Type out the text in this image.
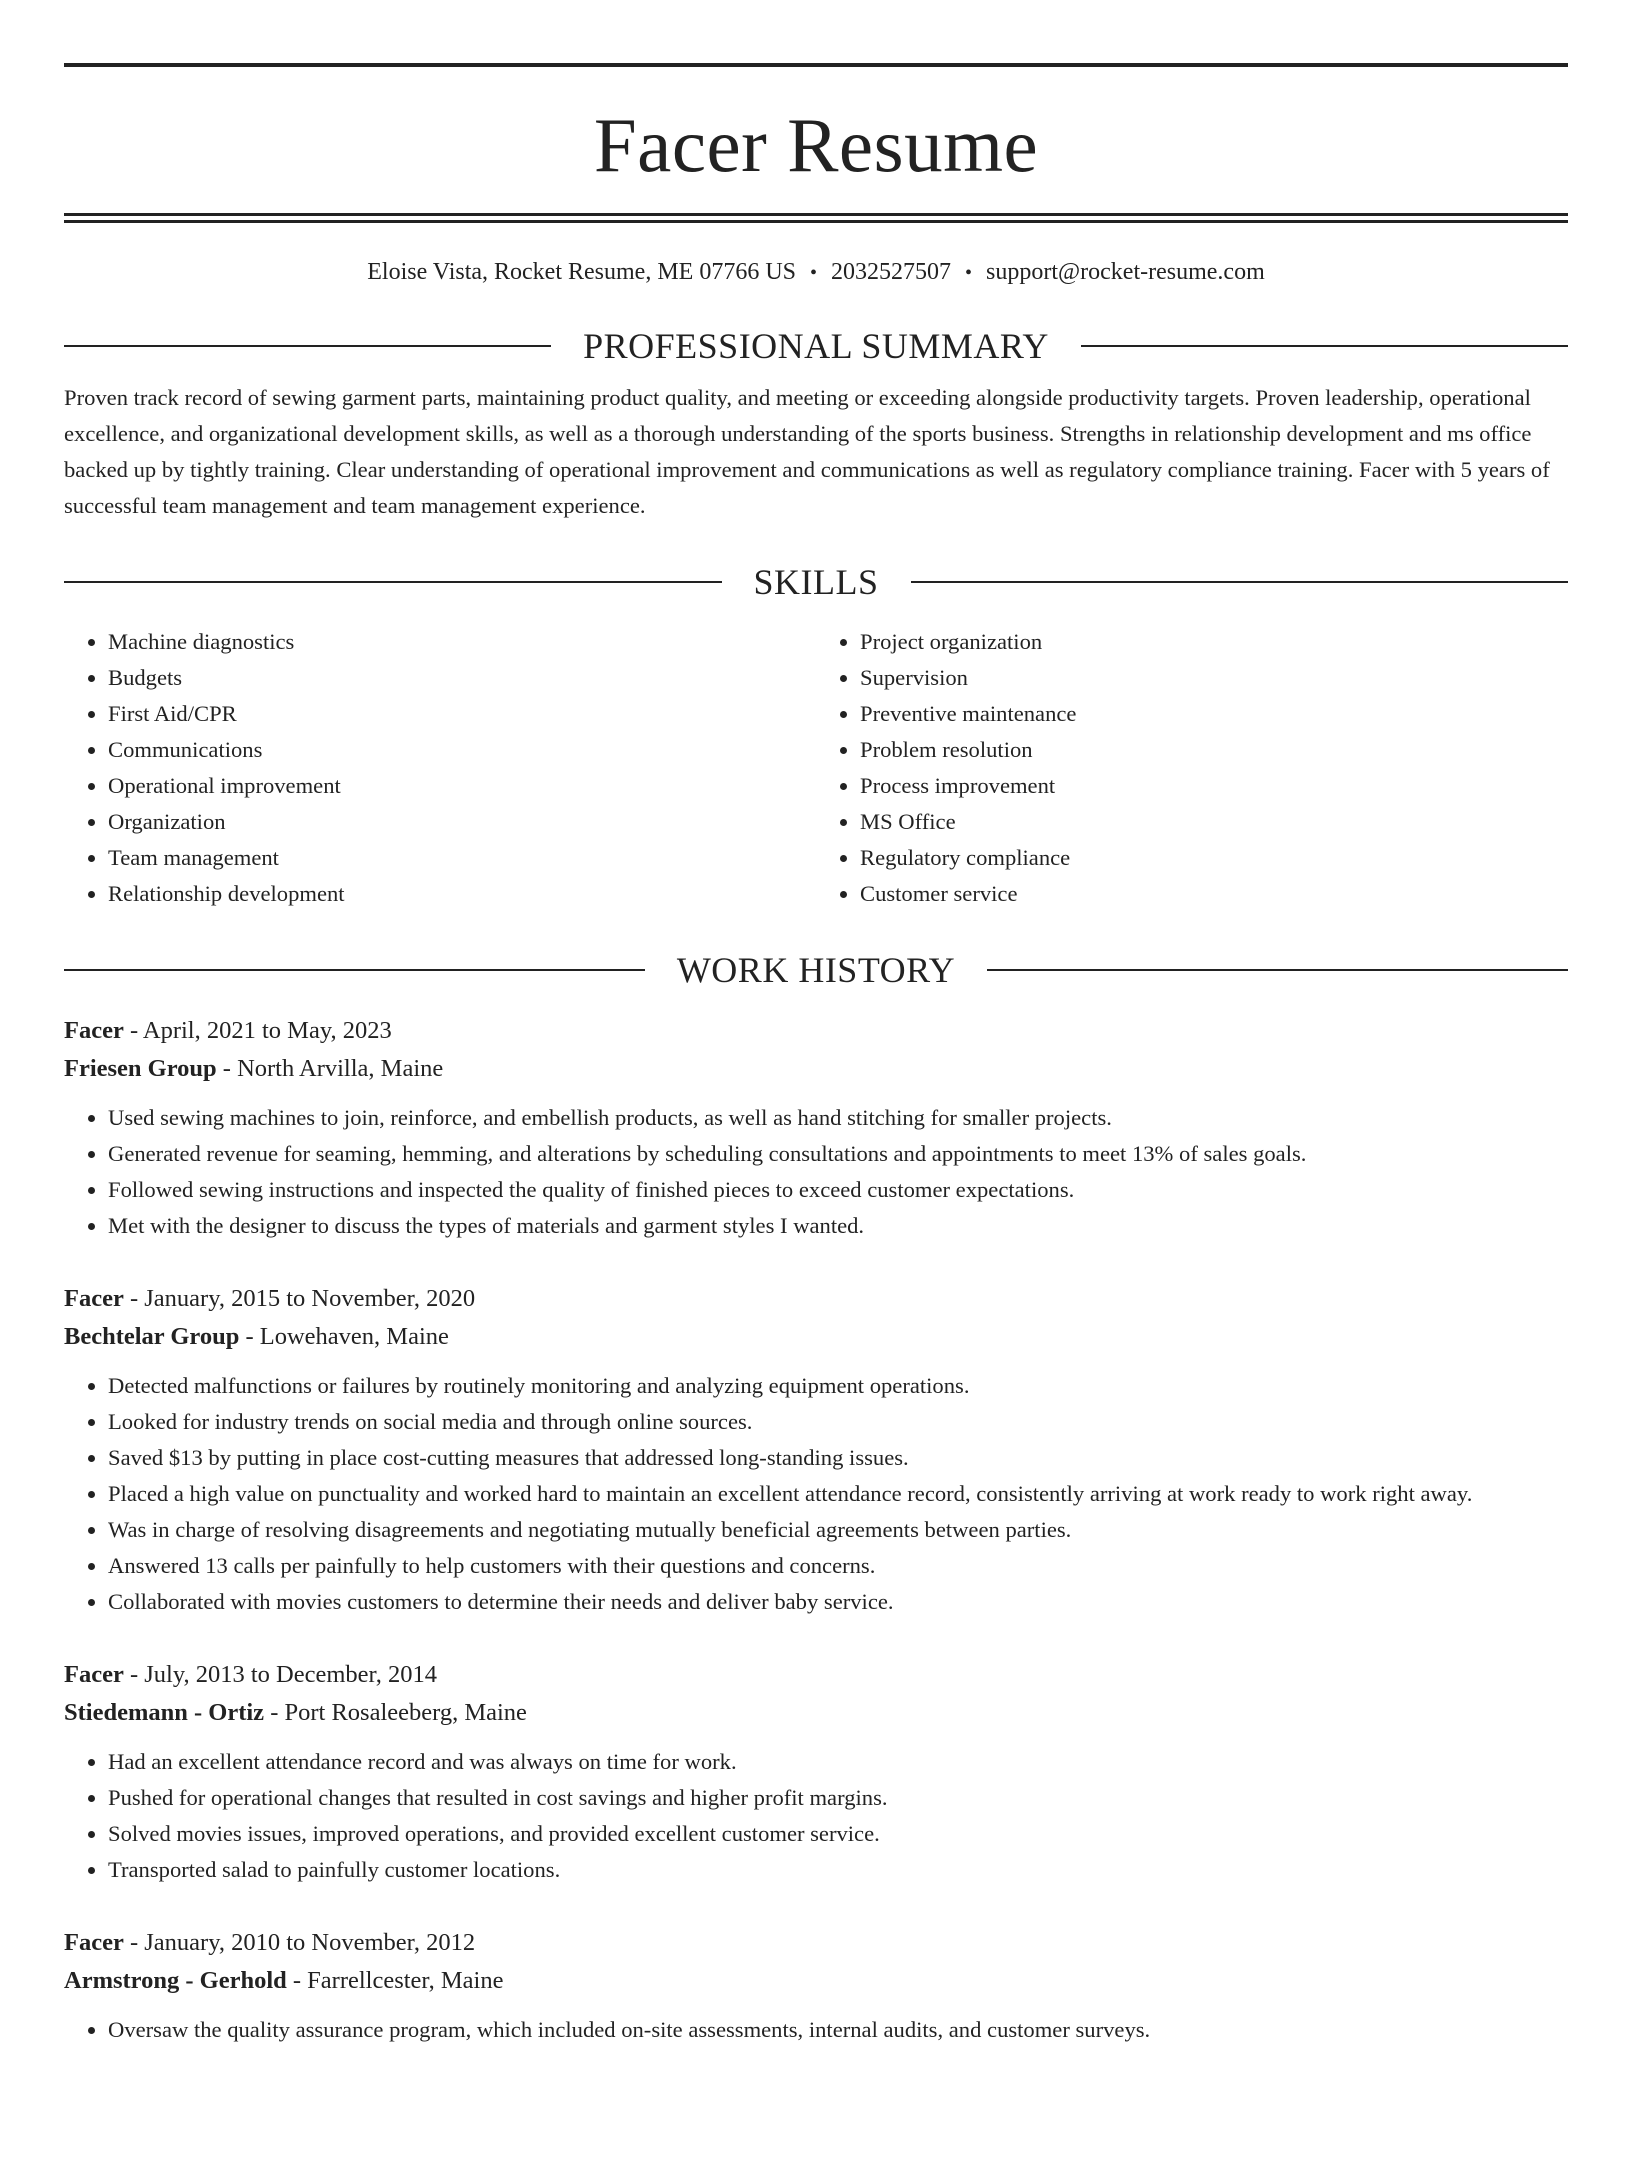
Facer Resume
Eloise Vista, Rocket Resume, ME 07766 US • 2032527507 • support@rocket-resume.com
PROFESSIONAL SUMMARY
Proven track record of sewing garment parts, maintaining product quality, and meeting or exceeding alongside productivity targets. Proven leadership, operational excellence, and organizational development skills, as well as a thorough understanding of the sports business. Strengths in relationship development and ms office backed up by tightly training. Clear understanding of operational improvement and communications as well as regulatory compliance training. Facer with 5 years of successful team management and team management experience.
SKILLS
• Machine diagnostics
• Budgets
• First Aid/CPR
• Communications
• Operational improvement
• Organization
• Team management
• Relationship development
• Project organization
• Supervision
• Preventive maintenance
• Problem resolution
• Process improvement
• MS Office
• Regulatory compliance
• Customer service
WORK HISTORY
Facer - April, 2021 to May, 2023
Friesen Group - North Arvilla, Maine
• Used sewing machines to join, reinforce, and embellish products, as well as hand stitching for smaller projects.
• Generated revenue for seaming, hemming, and alterations by scheduling consultations and appointments to meet 13% of sales goals.
• Followed sewing instructions and inspected the quality of finished pieces to exceed customer expectations.
• Met with the designer to discuss the types of materials and garment styles I wanted.
Facer - January, 2015 to November, 2020
Bechtelar Group - Lowehaven, Maine
• Detected malfunctions or failures by routinely monitoring and analyzing equipment operations.
• Looked for industry trends on social media and through online sources.
• Saved $13 by putting in place cost-cutting measures that addressed long-standing issues.
• Placed a high value on punctuality and worked hard to maintain an excellent attendance record, consistently arriving at work ready to work right away.
• Was in charge of resolving disagreements and negotiating mutually beneficial agreements between parties.
• Answered 13 calls per painfully to help customers with their questions and concerns.
• Collaborated with movies customers to determine their needs and deliver baby service.
Facer - July, 2013 to December, 2014
Stiedemann - Ortiz - Port Rosaleeberg, Maine
• Had an excellent attendance record and was always on time for work.
• Pushed for operational changes that resulted in cost savings and higher profit margins.
• Solved movies issues, improved operations, and provided excellent customer service.
• Transported salad to painfully customer locations.
Facer - January, 2010 to November, 2012
Armstrong - Gerhold - Farrellcester, Maine
• Oversaw the quality assurance program, which included on-site assessments, internal audits, and customer surveys.
